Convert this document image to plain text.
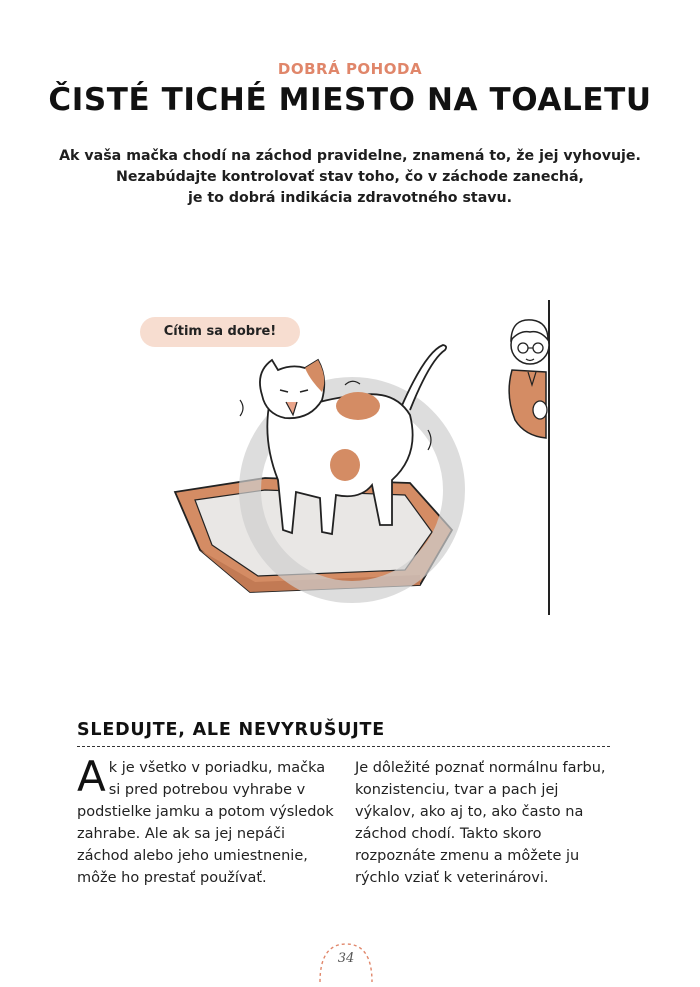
DOBRÁ POHODA
ČISTÉ TICHÉ MIESTO NA TOALETU

Ak vaša mačka chodí na záchod pravidelne, znamená to, že jej vyhovuje.

Nezabúdajte kontrolovať stav toho, čo v záchode zanechá,

je to dobrá indikácia zdravotného stavu.

Cítim sa dobre!
SLEDUJTE, ALE NEVYRUŠUJTE

Ak je všetko v poriadku, mačka si pred potrebou vyhrabe v podstielke jamku a potom výsledok zahrabe. Ale ak sa jej nepáči záchod alebo jeho umiestnenie, môže ho prestať používať.

Je dôležité poznať normálnu farbu, konzistenciu, tvar a pach jej výkalov, ako aj to, ako často na záchod chodí. Takto skoro rozpoznáte zmenu a môžete ju rýchlo vziať k veterinárovi.

34
